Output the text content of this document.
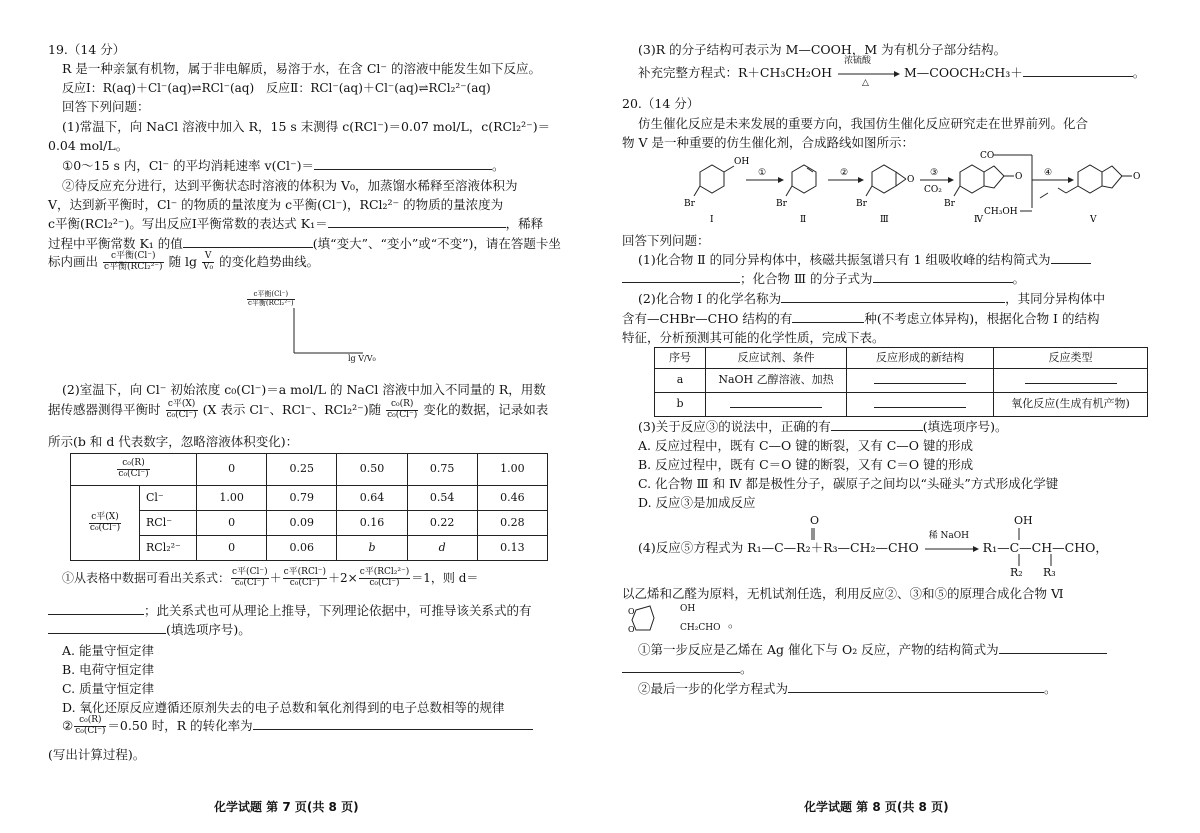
19.（14 分）
R 是一种亲氯有机物，属于非电解质，易溶于水，在含 Cl⁻ 的溶液中能发生如下反应。
反应Ⅰ：R(aq)＋Cl⁻(aq)⇌RCl⁻(aq)　反应Ⅱ：RCl⁻(aq)＋Cl⁻(aq)⇌RCl₂²⁻(aq)
回答下列问题：
(1)常温下，向 NaCl 溶液中加入 R，15 s 末测得 c(RCl⁻)＝0.07 mol/L，c(RCl₂²⁻)＝
0.04 mol/L。
①0～15 s 内，Cl⁻ 的平均消耗速率 v(Cl⁻)＝	。
②待反应充分进行，达到平衡状态时溶液的体积为 V₀，加蒸馏水稀释至溶液体积为
V，达到新平衡时，Cl⁻ 的物质的量浓度为 c平衡(Cl⁻)，RCl₂²⁻ 的物质的量浓度为
c平衡(RCl₂²⁻)。写出反应Ⅰ平衡常数的表达式 K₁＝	，稀释
过程中平衡常数 K₁ 的值	(填“变大”、“变小”或“不变”)，请在答题卡坐
标内画出 $\frac{\text{c平衡(Cl⁻)}}{\text{c平衡(RCl₂²⁻)}}$ 随 $\lg \frac{V}{\text{V₀}}$ 的变化趋势曲线。
$\frac{\text{c平衡(Cl⁻)}}{\text{c平衡(RCl₂²⁻)}}$
lg V/V₀
(2)室温下，向 Cl⁻ 初始浓度 c₀(Cl⁻)＝a mol/L 的 NaCl 溶液中加入不同量的 R，用数
据传感器测得平衡时 $\frac{\text{c平(X)}}{\text{c₀(Cl⁻)}} (X$ 表示 Cl⁻、RCl⁻、RCl₂²⁻)随 $\frac{\text{c₀(R)}}{\text{c₀(Cl⁻)}}$ 变化的数据，记录如表
所示(b 和 d 代表数字，忽略溶液体积变化)：
$\frac{\text{c₀(R)}}{\text{c₀(Cl⁻)}}$		0	0.25	0.50	0.75	1.00

$\frac{\text{c平(X)}}{\text{c₀(Cl⁻)}}$	Cl⁻	1.00	0.79	0.64	0.54	0.46
	RCl⁻	0	0.09	0.16	0.22	0.28
	RCl₂²⁻	0	0.06	b	d	0.13
①从表格中数据可看出关系式： $\frac{\text{c平(Cl⁻)}}{\text{c₀(Cl⁻)}} + \frac{\text{c平(RCl⁻)}}{\text{c₀(Cl⁻)}} +2\times \frac{\text{c平(RCl₂²⁻)}}{\text{c₀(Cl⁻)}} =1$，则 d＝
；此关系式也可从理论上推导，下列理论依据中，可推导该关系式的有
(填选项序号)。
A. 能量守恒定律
B. 电荷守恒定律
C. 质量守恒定律
D. 氧化还原反应遵循还原剂失去的电子总数和氧化剂得到的电子总数相等的规律
② $\frac{\text{c₀(R)}}{\text{c₀(Cl⁻)}} =0.50$ 时，R 的转化率为
(写出计算过程)。
化学试题 第 7 页(共 8 页)
(3)R 的分子结构可表示为 M—COOH，M 为有机分子部分结构。
补充完整方程式：R＋CH₃CH₂OH
浓硫酸
△
M—COOCH₂CH₃＋	。
20.（14 分）
仿生催化反应是未来发展的重要方向，我国仿生催化反应研究走在世界前列。化合
物 Ⅴ 是一种重要的仿生催化剂，合成路线如图所示：
OH
Br
Ⅰ
①
Br
Ⅱ
②
O
Br
Ⅲ
③
CO₂
O
Br
Ⅳ
CO
CH₃OH
④	O
Ⅴ
回答下列问题：
(1)化合物 Ⅱ 的同分异构体中，核磁共振氢谱只有 1 组吸收峰的结构简式为
；化合物 Ⅲ 的分子式为	。
(2)化合物 Ⅰ 的化学名称为	，其同分异构体中
含有—CHBr—CHO 结构的有	种(不考虑立体异构)，根据化合物 Ⅰ 的结构
特征，分析预测其可能的化学性质，完成下表。
序号	反应试剂、条件	反应形成的新结构	反应类型
a	NaOH 乙醇溶液、加热		
b			氧化反应(生成有机产物)
(3)关于反应③的说法中，正确的有	(填选项序号)。
A. 反应过程中，既有 C—O 键的断裂，又有 C—O 键的形成
B. 反应过程中，既有 C＝O 键的断裂，又有 C＝O 键的形成
C. 化合物 Ⅲ 和 Ⅳ 都是极性分子，碳原子之间均以“头碰头”方式形成化学键
D. 反应③是加成反应
O	OH
(4)反应⑤方程式为 R₁—C—R₂＋R₃—CH₂—CHO
稀 NaOH
R₁—C—CH—CHO，
R₂ R₃
以乙烯和乙醛为原料，无机试剂任选，利用反应②、③和⑤的原理合成化合物 Ⅵ
O
O
OH
CH₂CHO 。
①第一步反应是乙烯在 Ag 催化下与 O₂ 反应，产物的结构简式为
。
②最后一步的化学方程式为	。
化学试题 第 8 页(共 8 页)
